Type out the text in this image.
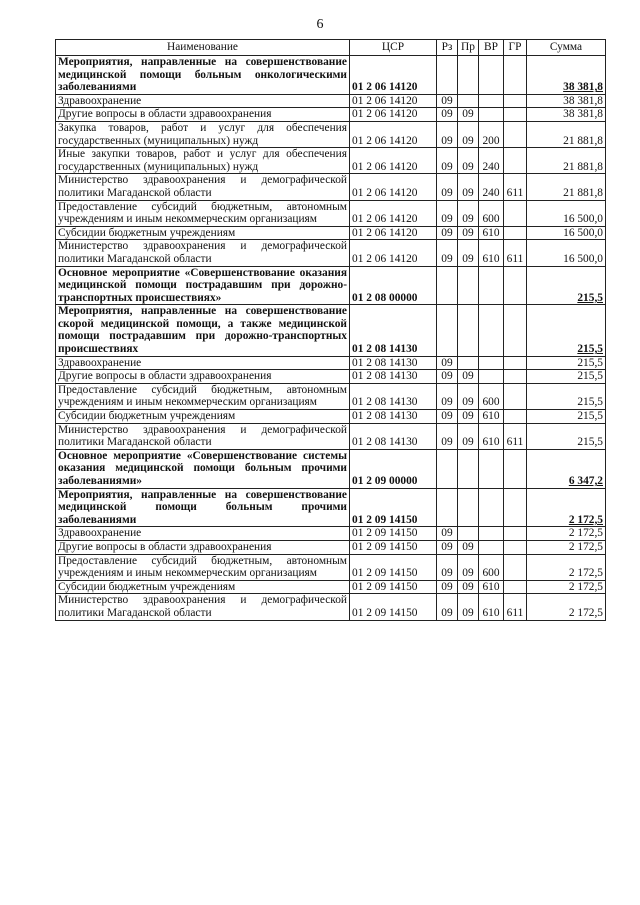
6
Наименование	ЦСР	Рз	Пр	ВР	ГР	Сумма
Мероприятия, направленные на совершенствование медицинской помощи больным онкологическими заболеваниями	01 2 06 14120					38 381,8
Здравоохранение	01 2 06 14120	09				38 381,8
Другие вопросы в области здравоохранения	01 2 06 14120	09	09			38 381,8
Закупка товаров, работ и услуг для обеспечения государственных (муниципальных) нужд	01 2 06 14120	09	09	200		21 881,8
Иные закупки товаров, работ и услуг для обеспечения государственных (муниципальных) нужд	01 2 06 14120	09	09	240		21 881,8
Министерство здравоохранения и демографической политики Магаданской области	01 2 06 14120	09	09	240	611	21 881,8
Предоставление субсидий бюджетным, автономным учреждениям и иным некоммерческим организациям	01 2 06 14120	09	09	600		16 500,0
Субсидии бюджетным учреждениям	01 2 06 14120	09	09	610		16 500,0
Министерство здравоохранения и демографической политики Магаданской области	01 2 06 14120	09	09	610	611	16 500,0
Основное мероприятие «Совершенствование оказания медицинской помощи пострадавшим при дорожно-транспортных происшествиях»	01 2 08 00000					215,5
Мероприятия, направленные на совершенствование скорой медицинской помощи, а также медицинской помощи пострадавшим при дорожно-транспортных происшествиях	01 2 08 14130					215,5
Здравоохранение	01 2 08 14130	09				215,5
Другие вопросы в области здравоохранения	01 2 08 14130	09	09			215,5
Предоставление субсидий бюджетным, автономным учреждениям и иным некоммерческим организациям	01 2 08 14130	09	09	600		215,5
Субсидии бюджетным учреждениям	01 2 08 14130	09	09	610		215,5
Министерство здравоохранения и демографической политики Магаданской области	01 2 08 14130	09	09	610	611	215,5
Основное мероприятие «Совершенствование системы оказания медицинской помощи больным прочими заболеваниями»	01 2 09 00000					6 347,2
Мероприятия, направленные на совершенствование медицинской помощи больным прочими заболеваниями	01 2 09 14150					2 172,5
Здравоохранение	01 2 09 14150	09				2 172,5
Другие вопросы в области здравоохранения	01 2 09 14150	09	09			2 172,5
Предоставление субсидий бюджетным, автономным учреждениям и иным некоммерческим организациям	01 2 09 14150	09	09	600		2 172,5
Субсидии бюджетным учреждениям	01 2 09 14150	09	09	610		2 172,5
Министерство здравоохранения и демографической политики Магаданской области	01 2 09 14150	09	09	610	611	2 172,5
